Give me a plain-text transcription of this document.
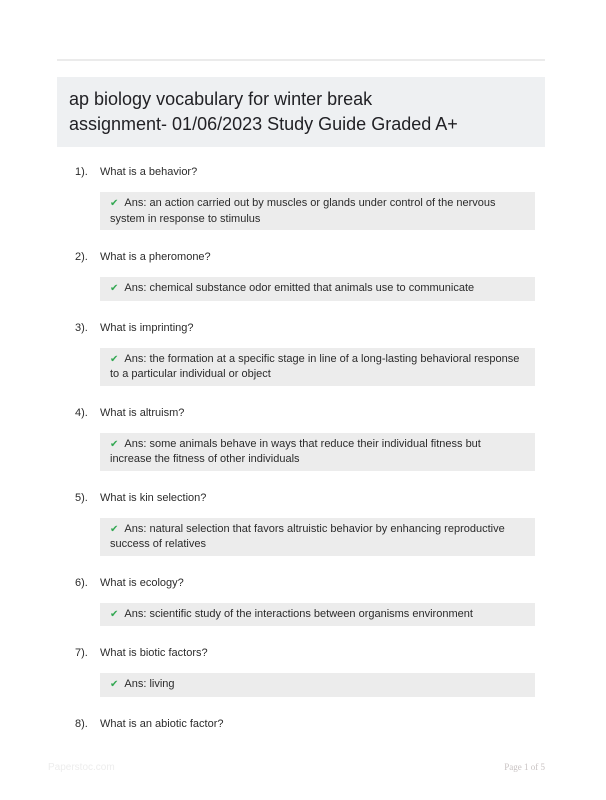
ap biology vocabulary for winter break
assignment- 01/06/2023 Study Guide Graded A+
1).	What is a behavior?
✔ Ans: an action carried out by muscles or glands under control of the nervous system in response to stimulus
2).	What is a pheromone?
✔ Ans: chemical substance odor emitted that animals use to communicate
3).	What is imprinting?
✔ Ans: the formation at a specific stage in line of a long-lasting behavioral response to a particular individual or object
4).	What is altruism?
✔ Ans: some animals behave in ways that reduce their individual fitness but increase the fitness of other individuals
5).	What is kin selection?
✔ Ans: natural selection that favors altruistic behavior by enhancing reproductive success of relatives
6).	What is ecology?
✔ Ans: scientific study of the interactions between organisms environment
7).	What is biotic factors?
✔ Ans: living
8).	What is an abiotic factor?
Paperstoc.com	Page 1 of 5
